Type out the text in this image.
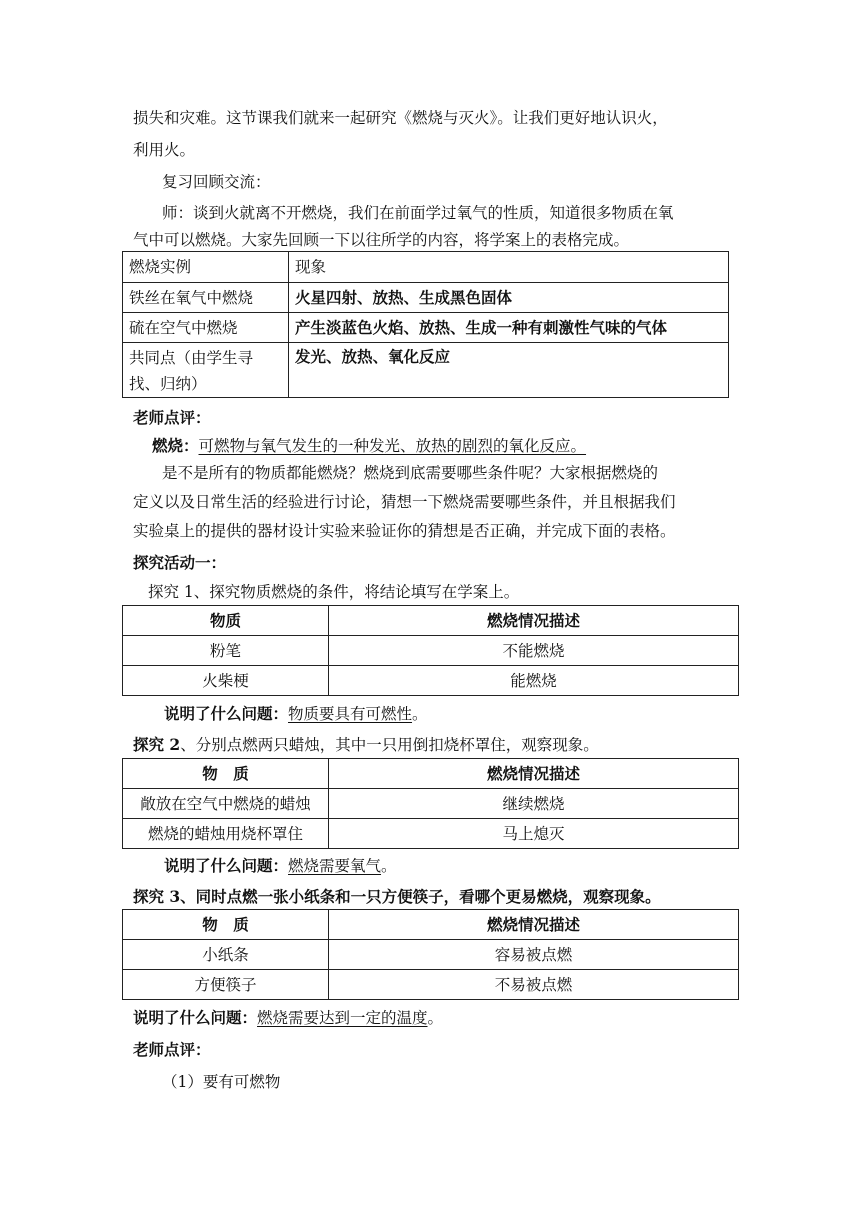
损失和灾难。这节课我们就来一起研究《燃烧与灭火》。让我们更好地认识火，
利用火。
复习回顾交流：
师：谈到火就离不开燃烧，我们在前面学过氧气的性质，知道很多物质在氧
气中可以燃烧。大家先回顾一下以往所学的内容，将学案上的表格完成。
燃烧实例	现象
铁丝在氧气中燃烧	火星四射、放热、生成黑色固体
硫在空气中燃烧	产生淡蓝色火焰、放热、生成一种有刺激性气味的气体

共同点（由学生寻
找、归纳）	发光、放热、氧化反应
老师点评：
燃烧：可燃物与氧气发生的一种发光、放热的剧烈的氧化反应。
是不是所有的物质都能燃烧？燃烧到底需要哪些条件呢？大家根据燃烧的
定义以及日常生活的经验进行讨论，猜想一下燃烧需要哪些条件，并且根据我们
实验桌上的提供的器材设计实验来验证你的猜想是否正确，并完成下面的表格。
探究活动一：
探究 1、探究物质燃烧的条件，将结论填写在学案上。
物质	燃烧情况描述
粉笔	不能燃烧
火柴梗	能燃烧
说明了什么问题：物质要具有可燃性。
探究 2、分别点燃两只蜡烛，其中一只用倒扣烧杯罩住，观察现象。
物　质	燃烧情况描述
敞放在空气中燃烧的蜡烛	继续燃烧
燃烧的蜡烛用烧杯罩住	马上熄灭
说明了什么问题：燃烧需要氧气。
探究 3、同时点燃一张小纸条和一只方便筷子，看哪个更易燃烧，观察现象。
物　质	燃烧情况描述
小纸条	容易被点燃
方便筷子	不易被点燃
说明了什么问题：燃烧需要达到一定的温度。
老师点评：
（1）要有可燃物
